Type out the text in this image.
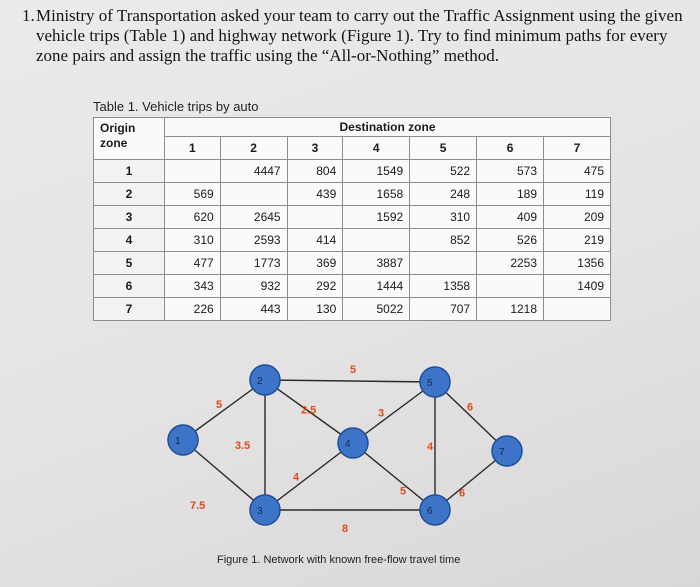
1. Ministry of Transportation asked your team to carry out the Traffic Assignment using the given vehicle trips (Table 1) and highway network (Figure 1). Try to find minimum paths for every zone pairs and assign the traffic using the “All-or-Nothing” method.
Table 1. Vehicle trips by auto
Origin zone	Destination zone						
	1	2	3	4	5	6	7
1		4447	804	1549	522	573	475
2	569		439	1658	248	189	119
3	620	2645		1592	310	409	209
4	310	2593	414		852	526	219
5	477	1773	369	3887		2253	1356
6	343	932	292	1444	1358		1409
7	226	443	130	5022	707	1218	
5
7.5
3.5
5
2.5
4
8
3
5
4
6
6
1
2
3
4
5
6
7
Figure 1. Network with known free-flow travel time
